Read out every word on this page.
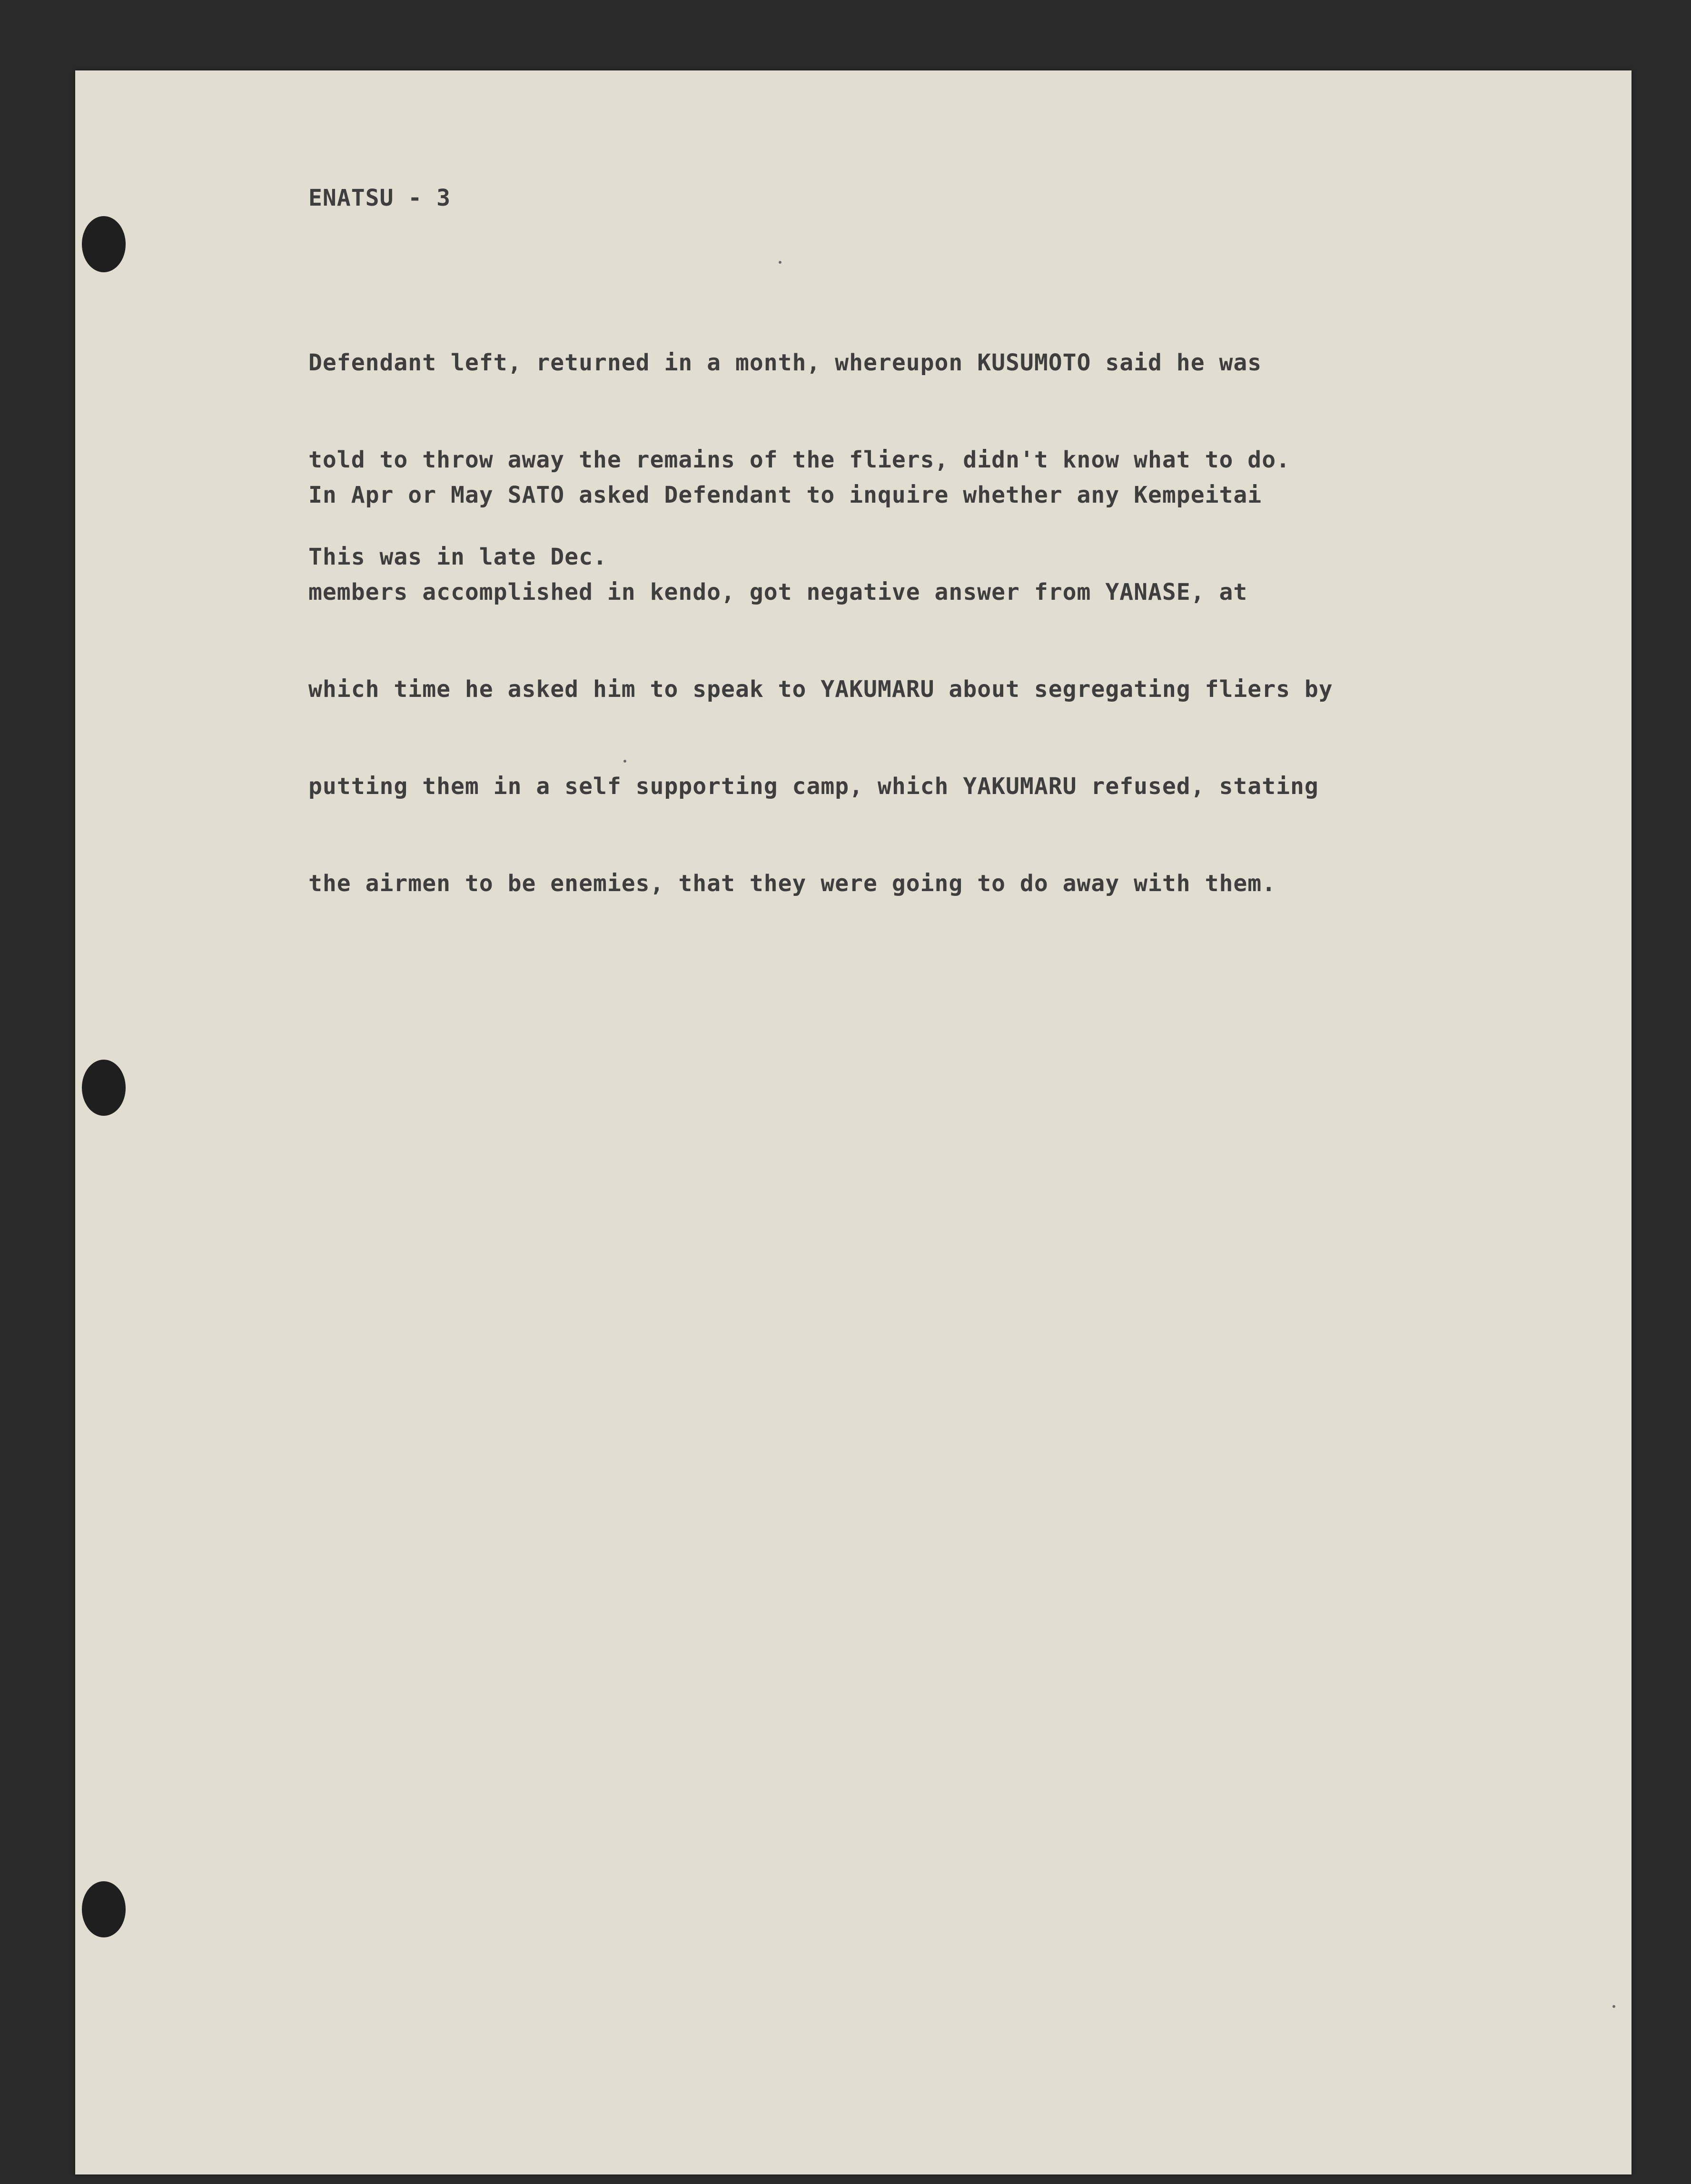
ENATSU - 3

Defendant left, returned in a month, whereupon KUSUMOTO said he was

told to throw away the remains of the fliers, didn't know what to do.

This was in late Dec.

In Apr or May SATO asked Defendant to inquire whether any Kempeitai

members accomplished in kendo, got negative answer from YANASE, at

which time he asked him to speak to YAKUMARU about segregating fliers by

putting them in a self supporting camp, which YAKUMARU refused, stating

the airmen to be enemies, that they were going to do away with them.
